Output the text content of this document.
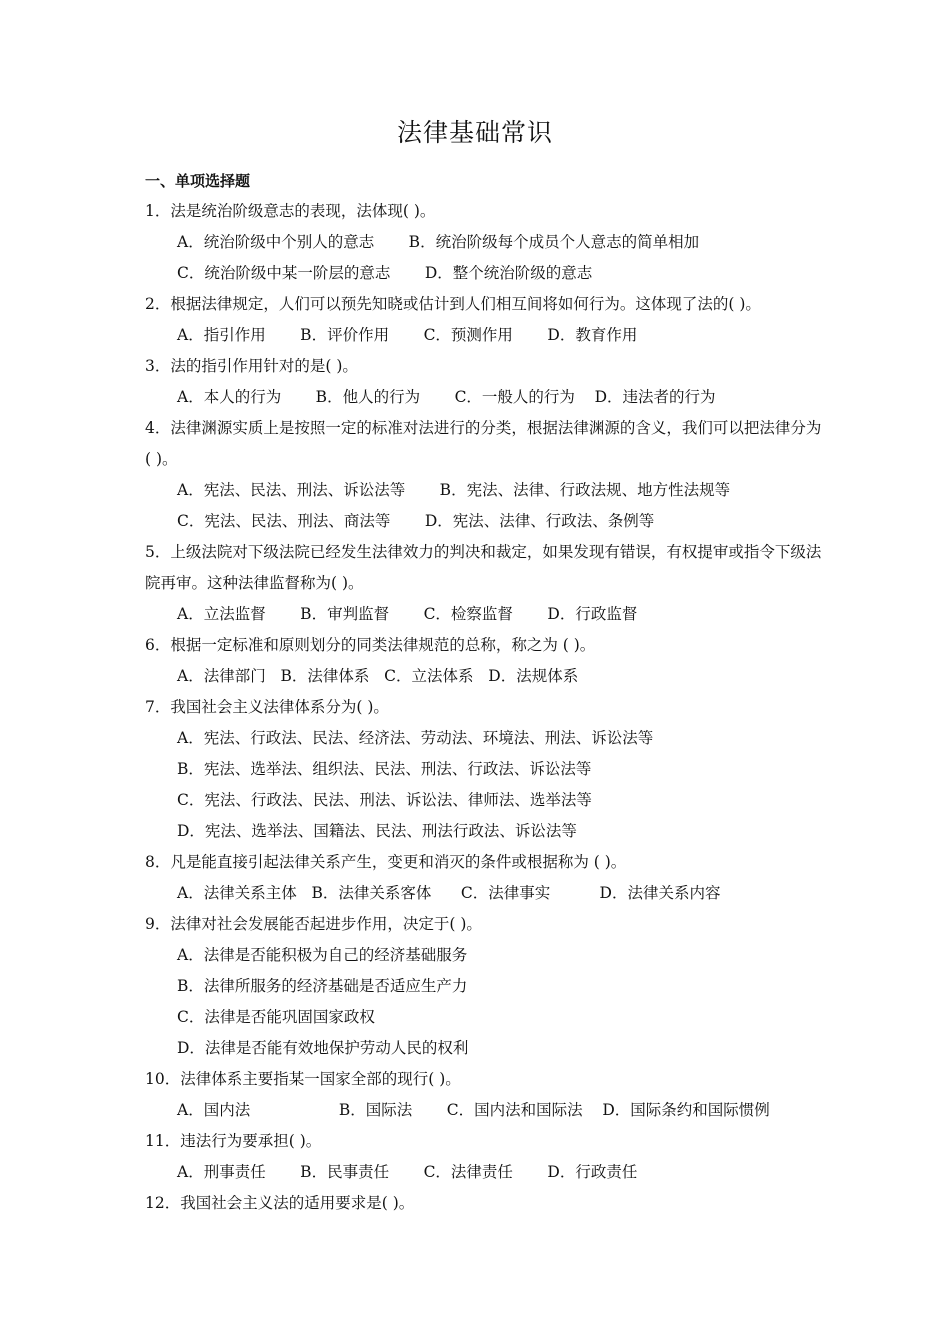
法律基础常识
一、单项选择题
1．法是统治阶级意志的表现，法体现( )。
A．统治阶级中个别人的意志       B．统治阶级每个成员个人意志的简单相加
C．统治阶级中某一阶层的意志       D．整个统治阶级的意志
2．根据法律规定，人们可以预先知晓或估计到人们相互间将如何行为。这体现了法的( )。
A．指引作用       B．评价作用       C．预测作用       D．教育作用
3．法的指引作用针对的是( )。
A．本人的行为       B．他人的行为       C．一般人的行为    D．违法者的行为
4．法律渊源实质上是按照一定的标准对法进行的分类，根据法律渊源的含义，我们可以把法律分为( )。
A．宪法、民法、刑法、诉讼法等       B．宪法、法律、行政法规、地方性法规等
C．宪法、民法、刑法、商法等       D．宪法、法律、行政法、条例等
5．上级法院对下级法院已经发生法律效力的判决和裁定，如果发现有错误，有权提审或指令下级法院再审。这种法律监督称为( )。
A．立法监督       B．审判监督       C．检察监督       D．行政监督
6．根据一定标准和原则划分的同类法律规范的总称，称之为 ( )。
A．法律部门   B．法律体系   C．立法体系   D．法规体系
7．我国社会主义法律体系分为( )。
A．宪法、行政法、民法、经济法、劳动法、环境法、刑法、诉讼法等
B．宪法、选举法、组织法、民法、刑法、行政法、诉讼法等
C．宪法、行政法、民法、刑法、诉讼法、律师法、选举法等
D．宪法、选举法、国籍法、民法、刑法行政法、诉讼法等
8．凡是能直接引起法律关系产生，变更和消灭的条件或根据称为 ( )。
A．法律关系主体   B．法律关系客体      C．法律事实          D．法律关系内容
9．法律对社会发展能否起进步作用，决定于( )。
A．法律是否能积极为自己的经济基础服务
B．法律所服务的经济基础是否适应生产力
C．法律是否能巩固国家政权
D．法律是否能有效地保护劳动人民的权利
10．法律体系主要指某一国家全部的现行( )。
A．国内法                  B．国际法       C．国内法和国际法    D．国际条约和国际惯例
11．违法行为要承担( )。
A．刑事责任       B．民事责任       C．法律责任       D．行政责任
12．我国社会主义法的适用要求是( )。
